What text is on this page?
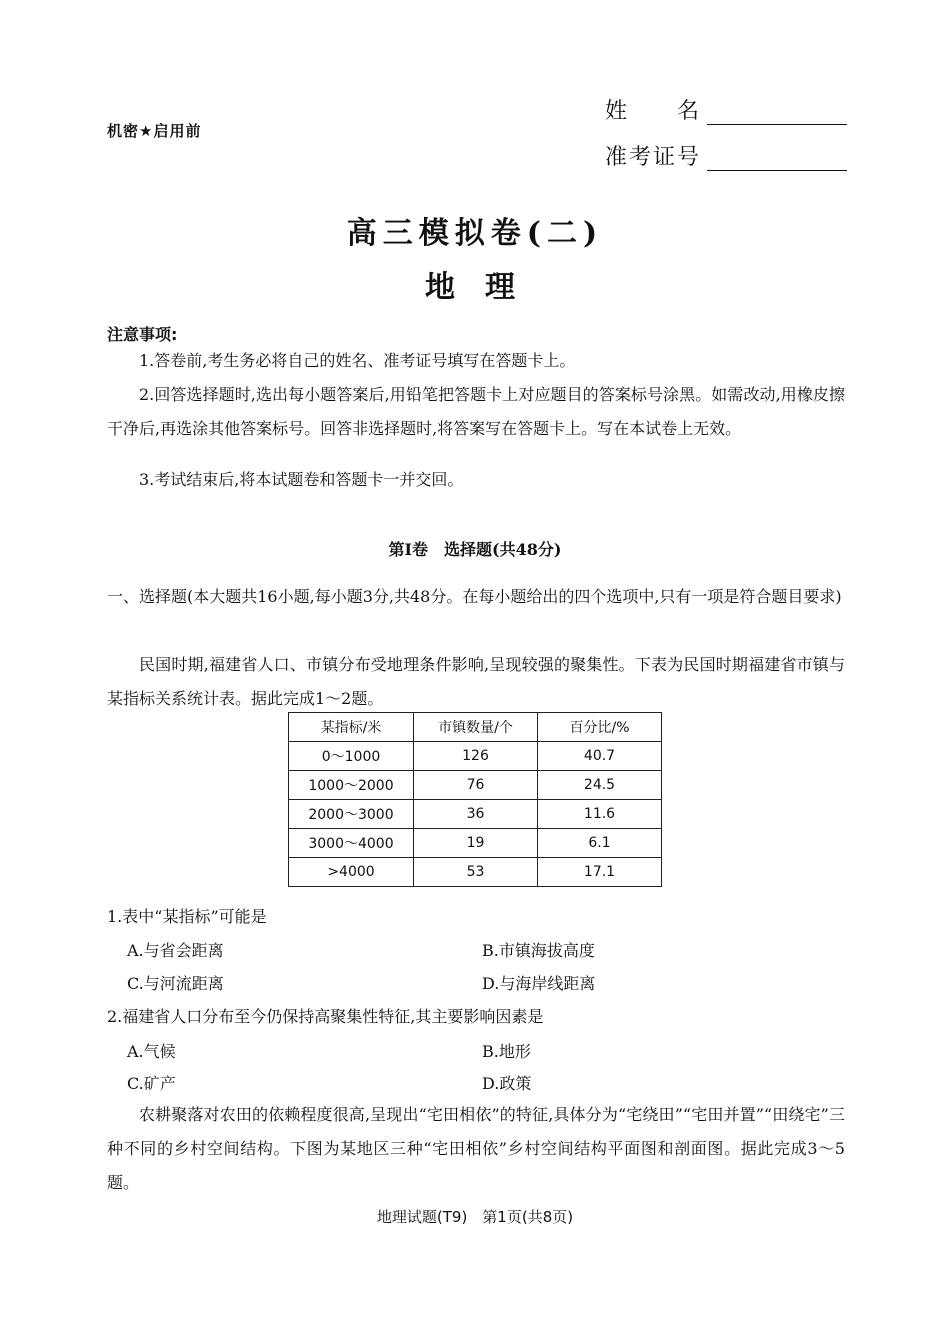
机密★启用前
姓　　名
准考证号
高三模拟卷(二)
地理
注意事项:
1.答卷前,考生务必将自己的姓名、准考证号填写在答题卡上。
2.回答选择题时,选出每小题答案后,用铅笔把答题卡上对应题目的答案标号涂黑。如需改动,用橡皮擦干净后,再选涂其他答案标号。回答非选择题时,将答案写在答题卡上。写在本试卷上无效。
3.考试结束后,将本试题卷和答题卡一并交回。
第Ⅰ卷　选择题(共48分)
一、选择题(本大题共16小题,每小题3分,共48分。在每小题给出的四个选项中,只有一项是符合题目要求)
民国时期,福建省人口、市镇分布受地理条件影响,呈现较强的聚集性。下表为民国时期福建省市镇与某指标关系统计表。据此完成1～2题。
某指标/米	市镇数量/个	百分比/%
0～1000	126	40.7
1000～2000	76	24.5
2000～3000	36	11.6
3000～4000	19	6.1
>4000	53	17.1
1.表中“某指标”可能是
A.与省会距离	B.市镇海拔高度
C.与河流距离	D.与海岸线距离
2.福建省人口分布至今仍保持高聚集性特征,其主要影响因素是
A.气候	B.地形
C.矿产	D.政策
农耕聚落对农田的依赖程度很高,呈现出“宅田相依”的特征,具体分为“宅绕田”“宅田并置”“田绕宅”三种不同的乡村空间结构。下图为某地区三种“宅田相依”乡村空间结构平面图和剖面图。据此完成3～5题。
地理试题(T9)　第1页(共8页)
